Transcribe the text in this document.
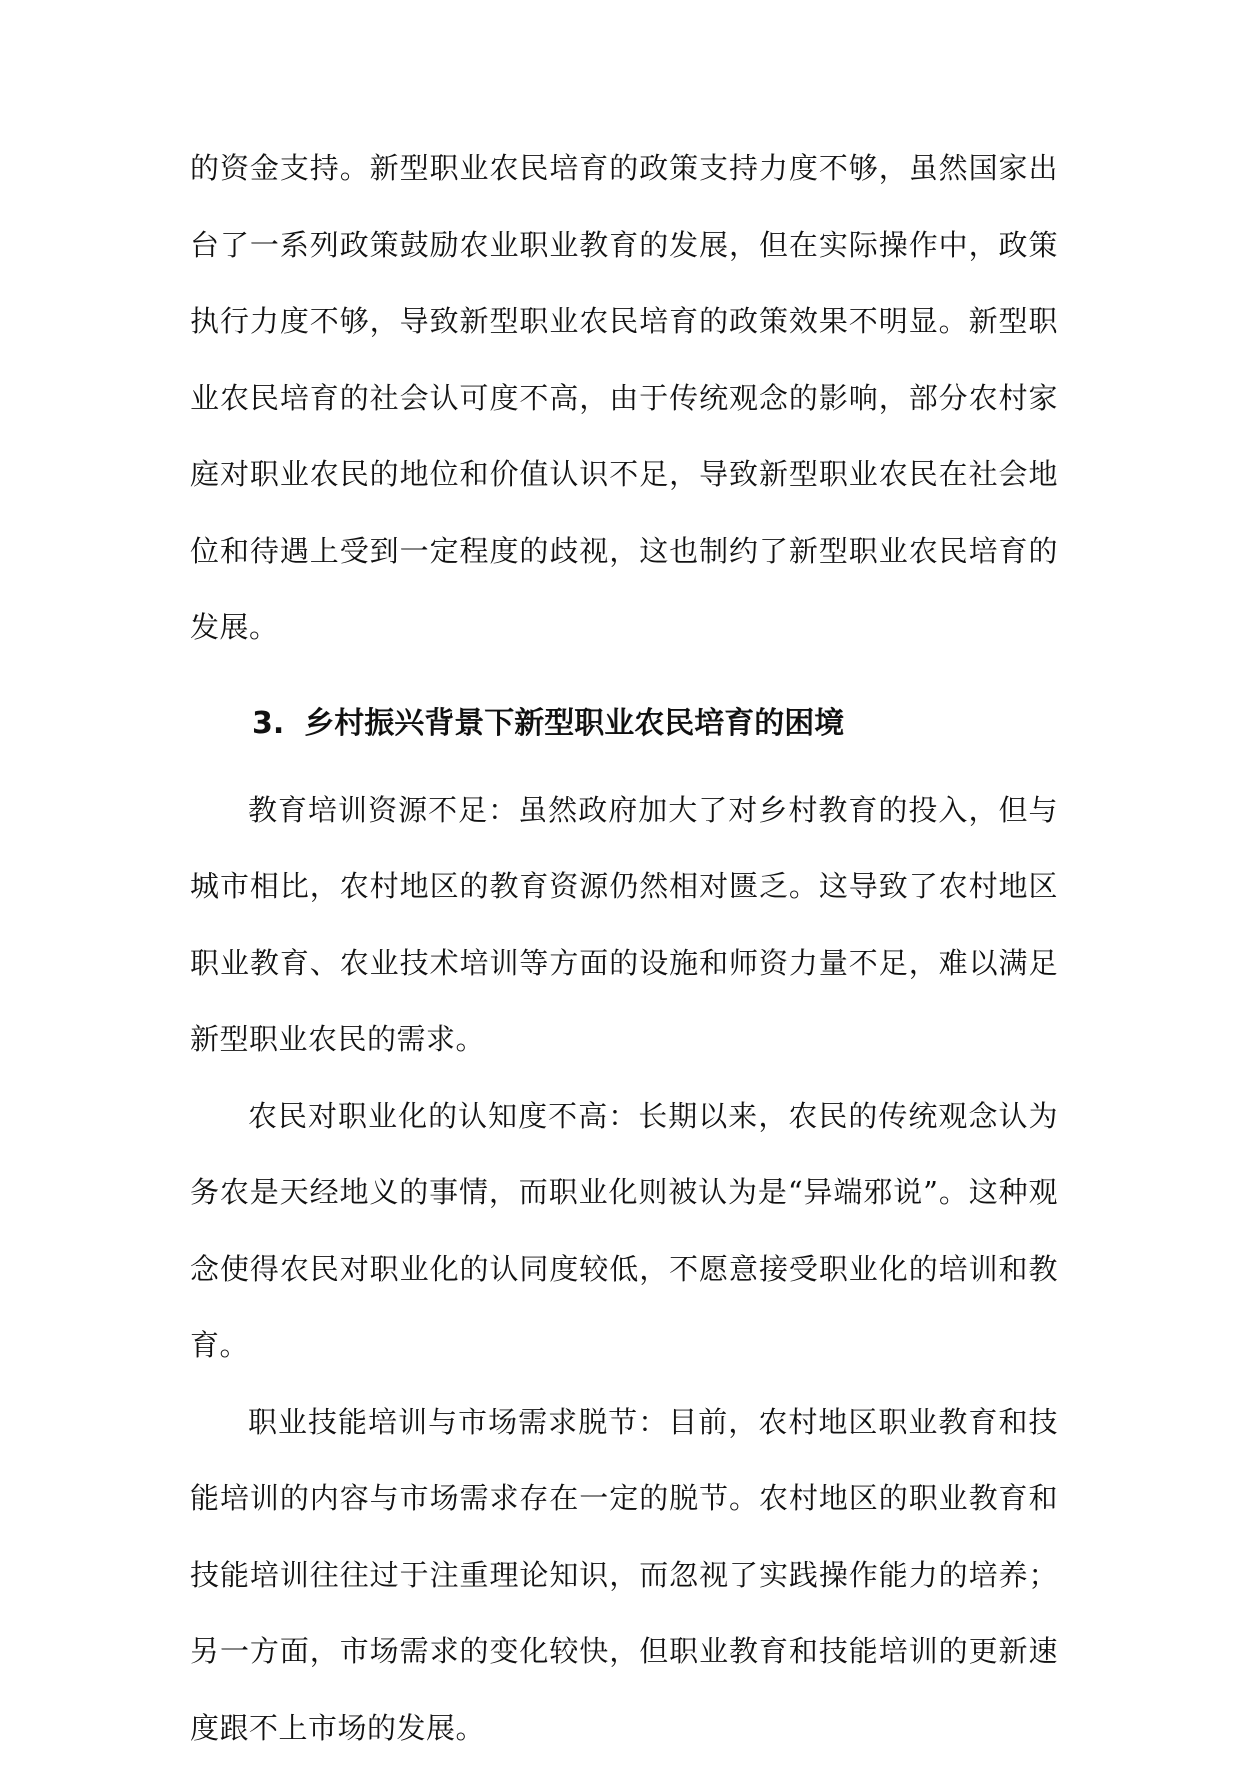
的资金支持。新型职业农民培育的政策支持力度不够，虽然国家出台了一系列政策鼓励农业职业教育的发展，但在实际操作中，政策执行力度不够，导致新型职业农民培育的政策效果不明显。新型职业农民培育的社会认可度不高，由于传统观念的影响，部分农村家庭对职业农民的地位和价值认识不足，导致新型职业农民在社会地位和待遇上受到一定程度的歧视，这也制约了新型职业农民培育的发展。

3. 乡村振兴背景下新型职业农民培育的困境

教育培训资源不足：虽然政府加大了对乡村教育的投入，但与城市相比，农村地区的教育资源仍然相对匮乏。这导致了农村地区职业教育、农业技术培训等方面的设施和师资力量不足，难以满足新型职业农民的需求。

农民对职业化的认知度不高：长期以来，农民的传统观念认为务农是天经地义的事情，而职业化则被认为是“异端邪说”。这种观念使得农民对职业化的认同度较低，不愿意接受职业化的培训和教育。

职业技能培训与市场需求脱节：目前，农村地区职业教育和技能培训的内容与市场需求存在一定的脱节。农村地区的职业教育和技能培训往往过于注重理论知识，而忽视了实践操作能力的培养；另一方面，市场需求的变化较快，但职业教育和技能培训的更新速度跟不上市场的发展。
